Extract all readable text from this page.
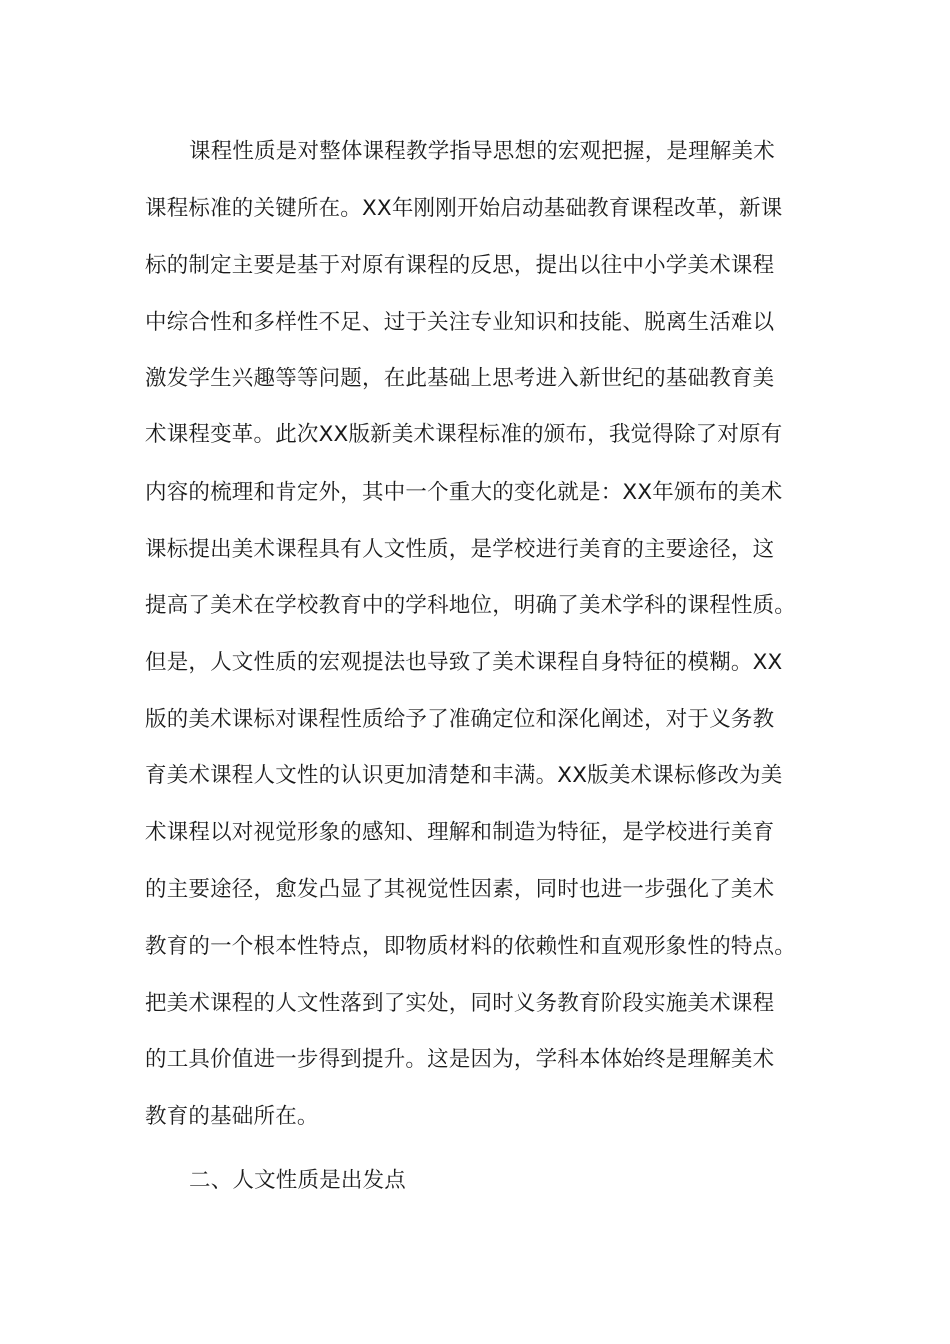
课程性质是对整体课程教学指导思想的宏观把握，是理解美术
课程标准的关键所在。XX年刚刚开始启动基础教育课程改革，新课
标的制定主要是基于对原有课程的反思，提出以往中小学美术课程
中综合性和多样性不足、过于关注专业知识和技能、脱离生活难以
激发学生兴趣等等问题，在此基础上思考进入新世纪的基础教育美
术课程变革。此次XX版新美术课程标准的颁布，我觉得除了对原有
内容的梳理和肯定外，其中一个重大的变化就是：XX年颁布的美术
课标提出美术课程具有人文性质，是学校进行美育的主要途径，这
提高了美术在学校教育中的学科地位，明确了美术学科的课程性质。
但是，人文性质的宏观提法也导致了美术课程自身特征的模糊。XX
版的美术课标对课程性质给予了准确定位和深化阐述，对于义务教
育美术课程人文性的认识更加清楚和丰满。XX版美术课标修改为美
术课程以对视觉形象的感知、理解和制造为特征，是学校进行美育
的主要途径，愈发凸显了其视觉性因素，同时也进一步强化了美术
教育的一个根本性特点，即物质材料的依赖性和直观形象性的特点。
把美术课程的人文性落到了实处，同时义务教育阶段实施美术课程
的工具价值进一步得到提升。这是因为，学科本体始终是理解美术
教育的基础所在。
二、人文性质是出发点
